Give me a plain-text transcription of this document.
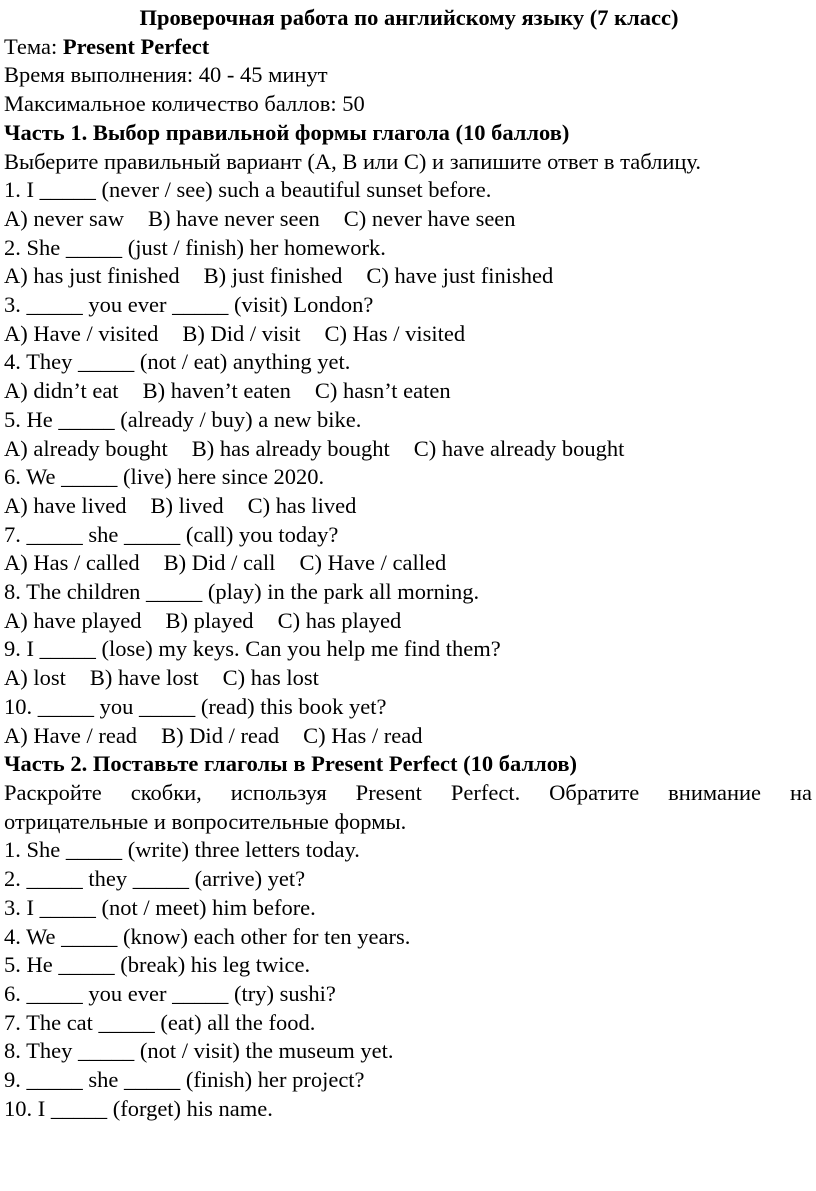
Проверочная работа по английскому языку (7 класс)
Тема: Present Perfect
Время выполнения: 40 - 45 минут
Максимальное количество баллов: 50
Часть 1. Выбор правильной формы глагола (10 баллов)
Выберите правильный вариант (А, В или С) и запишите ответ в таблицу.
1. I _____ (never / see) such a beautiful sunset before.
A) never saw B) have never seen C) never have seen
2. She _____ (just / finish) her homework.
A) has just finished B) just finished C) have just finished
3. _____ you ever _____ (visit) London?
A) Have / visited B) Did / visit C) Has / visited
4. They _____ (not / eat) anything yet.
A) didn’t eat B) haven’t eaten C) hasn’t eaten
5. He _____ (already / buy) a new bike.
A) already bought B) has already bought C) have already bought
6. We _____ (live) here since 2020.
A) have lived B) lived C) has lived
7. _____ she _____ (call) you today?
A) Has / called B) Did / call C) Have / called
8. The children _____ (play) in the park all morning.
A) have played B) played C) has played
9. I _____ (lose) my keys. Can you help me find them?
A) lost B) have lost C) has lost
10. _____ you _____ (read) this book yet?
A) Have / read B) Did / read C) Has / read
Часть 2. Поставьте глаголы в Present Perfect (10 баллов)
Раскройте скобки, используя Present Perfect. Обратите внимание на
отрицательные и вопросительные формы.
1. She _____ (write) three letters today.
2. _____ they _____ (arrive) yet?
3. I _____ (not / meet) him before.
4. We _____ (know) each other for ten years.
5. He _____ (break) his leg twice.
6. _____ you ever _____ (try) sushi?
7. The cat _____ (eat) all the food.
8. They _____ (not / visit) the museum yet.
9. _____ she _____ (finish) her project?
10. I _____ (forget) his name.
